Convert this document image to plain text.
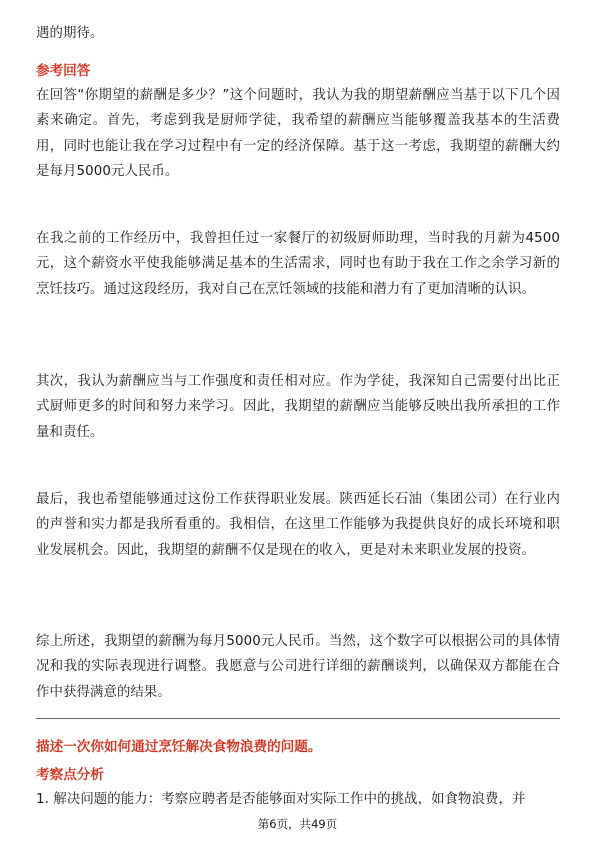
遇的期待。

参考回答

在回答“你期望的薪酬是多少？”这个问题时，我认为我的期望薪酬应当基于以下几个因素来确定。首先，考虑到我是厨师学徒，我希望的薪酬应当能够覆盖我基本的生活费用，同时也能让我在学习过程中有一定的经济保障。基于这一考虑，我期望的薪酬大约是每月5000元人民币。

在我之前的工作经历中，我曾担任过一家餐厅的初级厨师助理，当时我的月薪为4500元，这个薪资水平使我能够满足基本的生活需求，同时也有助于我在工作之余学习新的烹饪技巧。通过这段经历，我对自己在烹饪领域的技能和潜力有了更加清晰的认识。

其次，我认为薪酬应当与工作强度和责任相对应。作为学徒，我深知自己需要付出比正式厨师更多的时间和努力来学习。因此，我期望的薪酬应当能够反映出我所承担的工作量和责任。

最后，我也希望能够通过这份工作获得职业发展。陕西延长石油（集团公司）在行业内的声誉和实力都是我所看重的。我相信，在这里工作能够为我提供良好的成长环境和职业发展机会。因此，我期望的薪酬不仅是现在的收入，更是对未来职业发展的投资。

综上所述，我期望的薪酬为每月5000元人民币。当然，这个数字可以根据公司的具体情况和我的实际表现进行调整。我愿意与公司进行详细的薪酬谈判，以确保双方都能在合作中获得满意的结果。

描述一次你如何通过烹饪解决食物浪费的问题。

考察点分析

1. 解决问题的能力：考察应聘者是否能够面对实际工作中的挑战，如食物浪费，并

第6页，共49页
